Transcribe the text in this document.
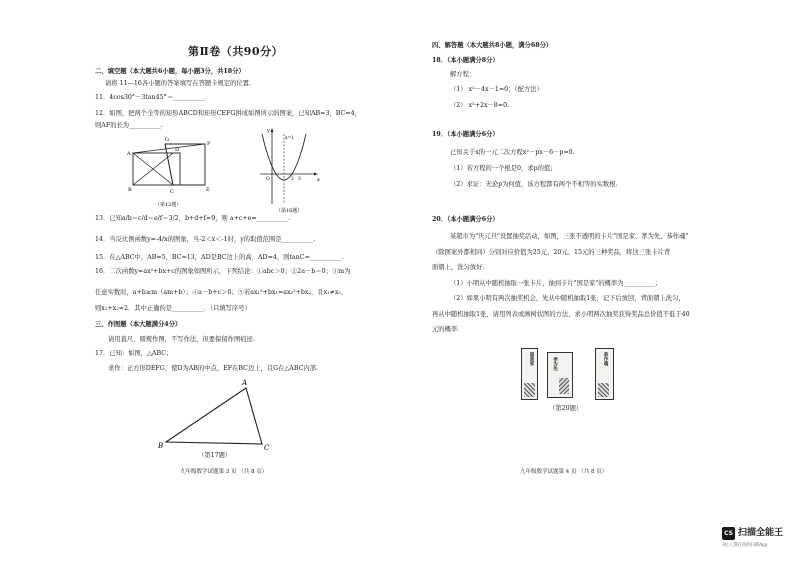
第Ⅱ卷（共90分）
二、填空题（本大题共6小题，每小题3分，共18分）
请将 11—16各小题的答案填写在答题卡规定的位置.
11．4cos30°－3tan45°＝__________.
12．如图，把两个全等的矩形ABCD和矩形CEFG拼成如图所示的图案，已知AB=3，BC=4，
则AF的长为__________.
A
D
G
F
B	C	E
（第12题）
y
x
x=1
O	2 3
（第16题）
13．已知a/b＝c/d＝e/f＝3/2，b+d+f=9，则 a+c+e=__________.
14．当反比例函数y=-4/x的图象，当-2＜x＜-1时，y的取值范围是__________.
15．在△ABC中，AB=5，BC=13，AD是BC边上的高，AD=4，则tanC=__________.
16．二次函数y=ax²+bx+c的图象如图所示，下列结论：①abc＞0；②2a－b＝0；③m为
任意实数时，a+b≥m（am+b）；④a－b+c＞0；⑤若ax₁²+bx₁=ax₂²+bx₂，且x₁≠x₂，
则x₁+x₂=2．其中正确的是__________．（只填写序号）
三、作图题（本大题满分4分）
请用直尺、圆规作图，不写作法，但要保留作图痕迹.
17．已知：如图，△ABC；
求作：正方形DEFG，使D为AB的中点，EF在BC边上，且G在△ABC内部.
A
B	C
（第17题）
九年级数学试题第 3 页 （共 8 页）
四、解答题（本大题共8小题，满分68分）
18．（本小题满分8分）
解方程：
（1） x²－4x－1=0；（配方法）
（2） x²+2x－8=0.
19．（本小题满分6分）
已知关于x的一元二次方程x²－px－6－p=0.
（1）若方程的一个根是0，求p的值；
（2）求证：无论p为何值，该方程都有两个不相等的实数根.
20．（本小题满分6分）
某超市为"庆元旦"设置抽奖活动，如图，三张不透明的卡片"国是家、孝为先、恭作魂"
（除图案外都相同）分别对应价值为25元、20元、15元的三种奖品，将这三张卡片背
面朝上，洗匀放好.
（1）小明从中随机抽取一张卡片，抽到卡片"国是家"的概率为__________；
（2）如果小明有两次抽奖机会，先从中随机抽取1张，记下后放回，背面朝上洗匀，
再从中随机抽取1张，请用列表或画树状图的方法，求小明两次抽奖获得奖品总价值不低于40
元的概率.
国是家	孝为先	恭作魂
（第20题）
九年级数学试题第 4 页 （共 8 页）
CS 扫描全能王
3亿人都在用的扫描App
